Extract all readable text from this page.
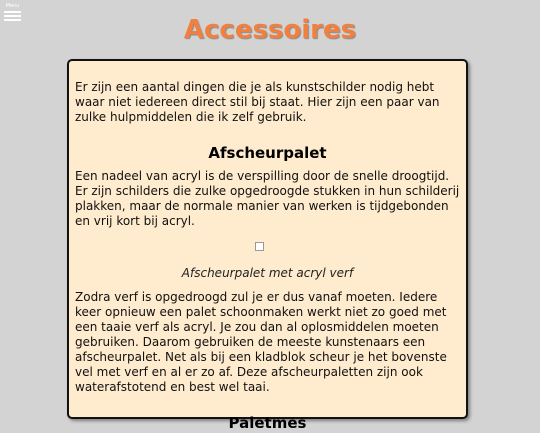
Menu
Accessoires

Er zijn een aantal dingen die je als kunstschilder nodig hebt waar niet iedereen direct stil bij staat. Hier zijn een paar van zulke hulpmiddelen die ik zelf gebruik.

Afscheurpalet

Een nadeel van acryl is de verspilling door de snelle droogtijd. Er zijn schilders die zulke opgedroogde stukken in hun schilderij plakken, maar de normale manier van werken is tijdgebonden en vrij kort bij acryl.

Afscheurpalet met acryl verf

Zodra verf is opgedroogd zul je er dus vanaf moeten. Iedere keer opnieuw een palet schoonmaken werkt niet zo goed met een taaie verf als acryl. Je zou dan al oplosmiddelen moeten gebruiken. Daarom gebruiken de meeste kunstenaars een afscheurpalet. Net als bij een kladblok scheur je het bovenste vel met verf en al er zo af. Deze afscheurpaletten zijn ook waterafstotend en best wel taai.

Paletmes
